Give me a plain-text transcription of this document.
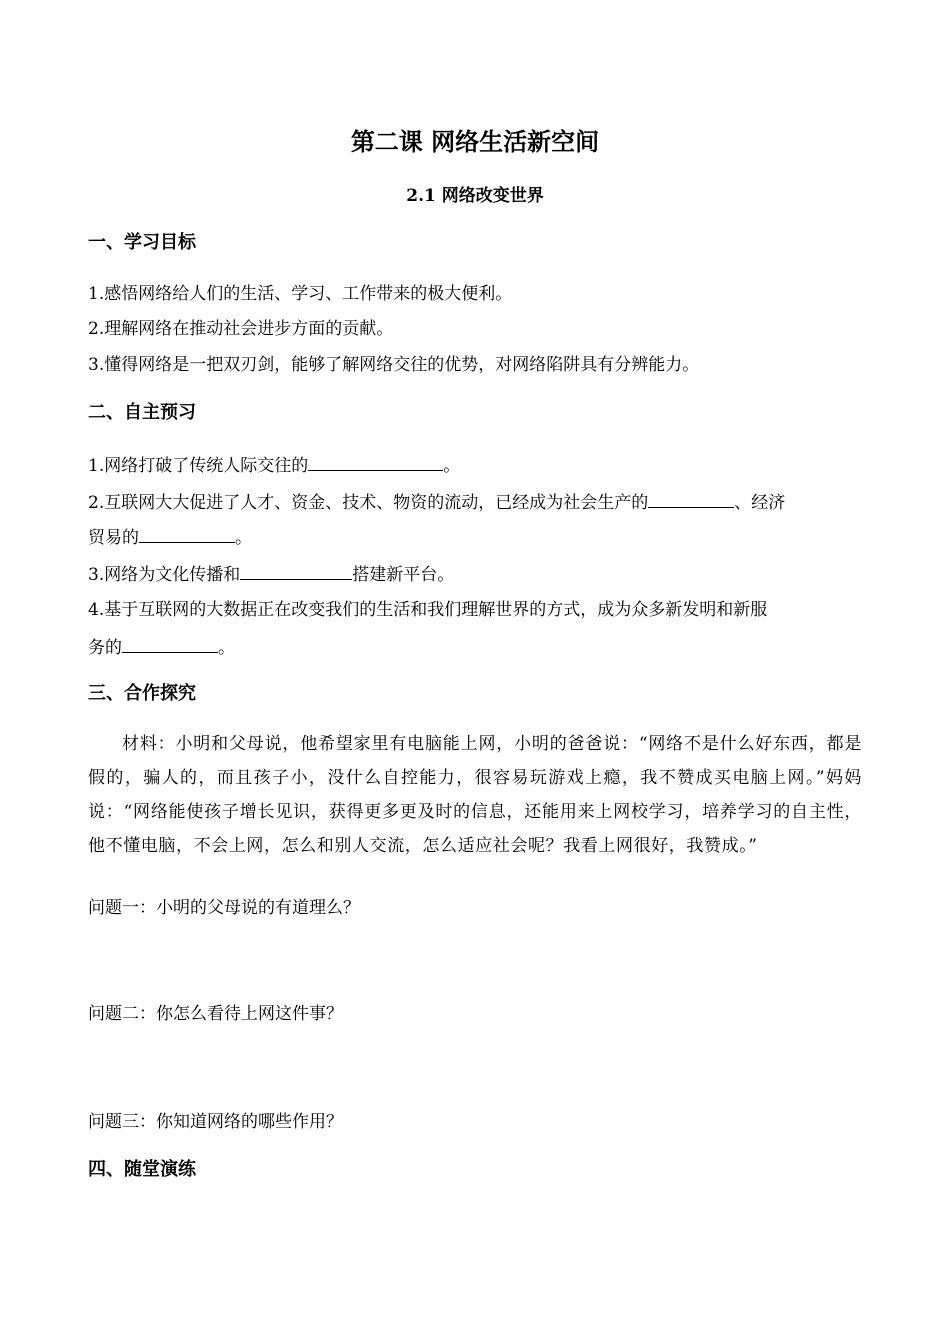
第二课 网络生活新空间
2.1 网络改变世界
一、学习目标
1.感悟网络给人们的生活、学习、工作带来的极大便利。
2.理解网络在推动社会进步方面的贡献。
3.懂得网络是一把双刃剑，能够了解网络交往的优势，对网络陷阱具有分辨能力。
二、自主预习
1.网络打破了传统人际交往的	。
2.互联网大大促进了人才、资金、技术、物资的流动，已经成为社会生产的	、经济
贸易的	。
3.网络为文化传播和	搭建新平台。
4.基于互联网的大数据正在改变我们的生活和我们理解世界的方式，成为众多新发明和新服
务的	。
三、合作探究
材料：小明和父母说，他希望家里有电脑能上网，小明的爸爸说：“网络不是什么好东西，都是假的，骗人的，而且孩子小，没什么自控能力，很容易玩游戏上瘾，我不赞成买电脑上网。”妈妈说：“网络能使孩子增长见识，获得更多更及时的信息，还能用来上网校学习，培养学习的自主性，他不懂电脑，不会上网，怎么和别人交流，怎么适应社会呢？我看上网很好，我赞成。”
问题一：小明的父母说的有道理么？
问题二：你怎么看待上网这件事？
问题三：你知道网络的哪些作用？
四、随堂演练
